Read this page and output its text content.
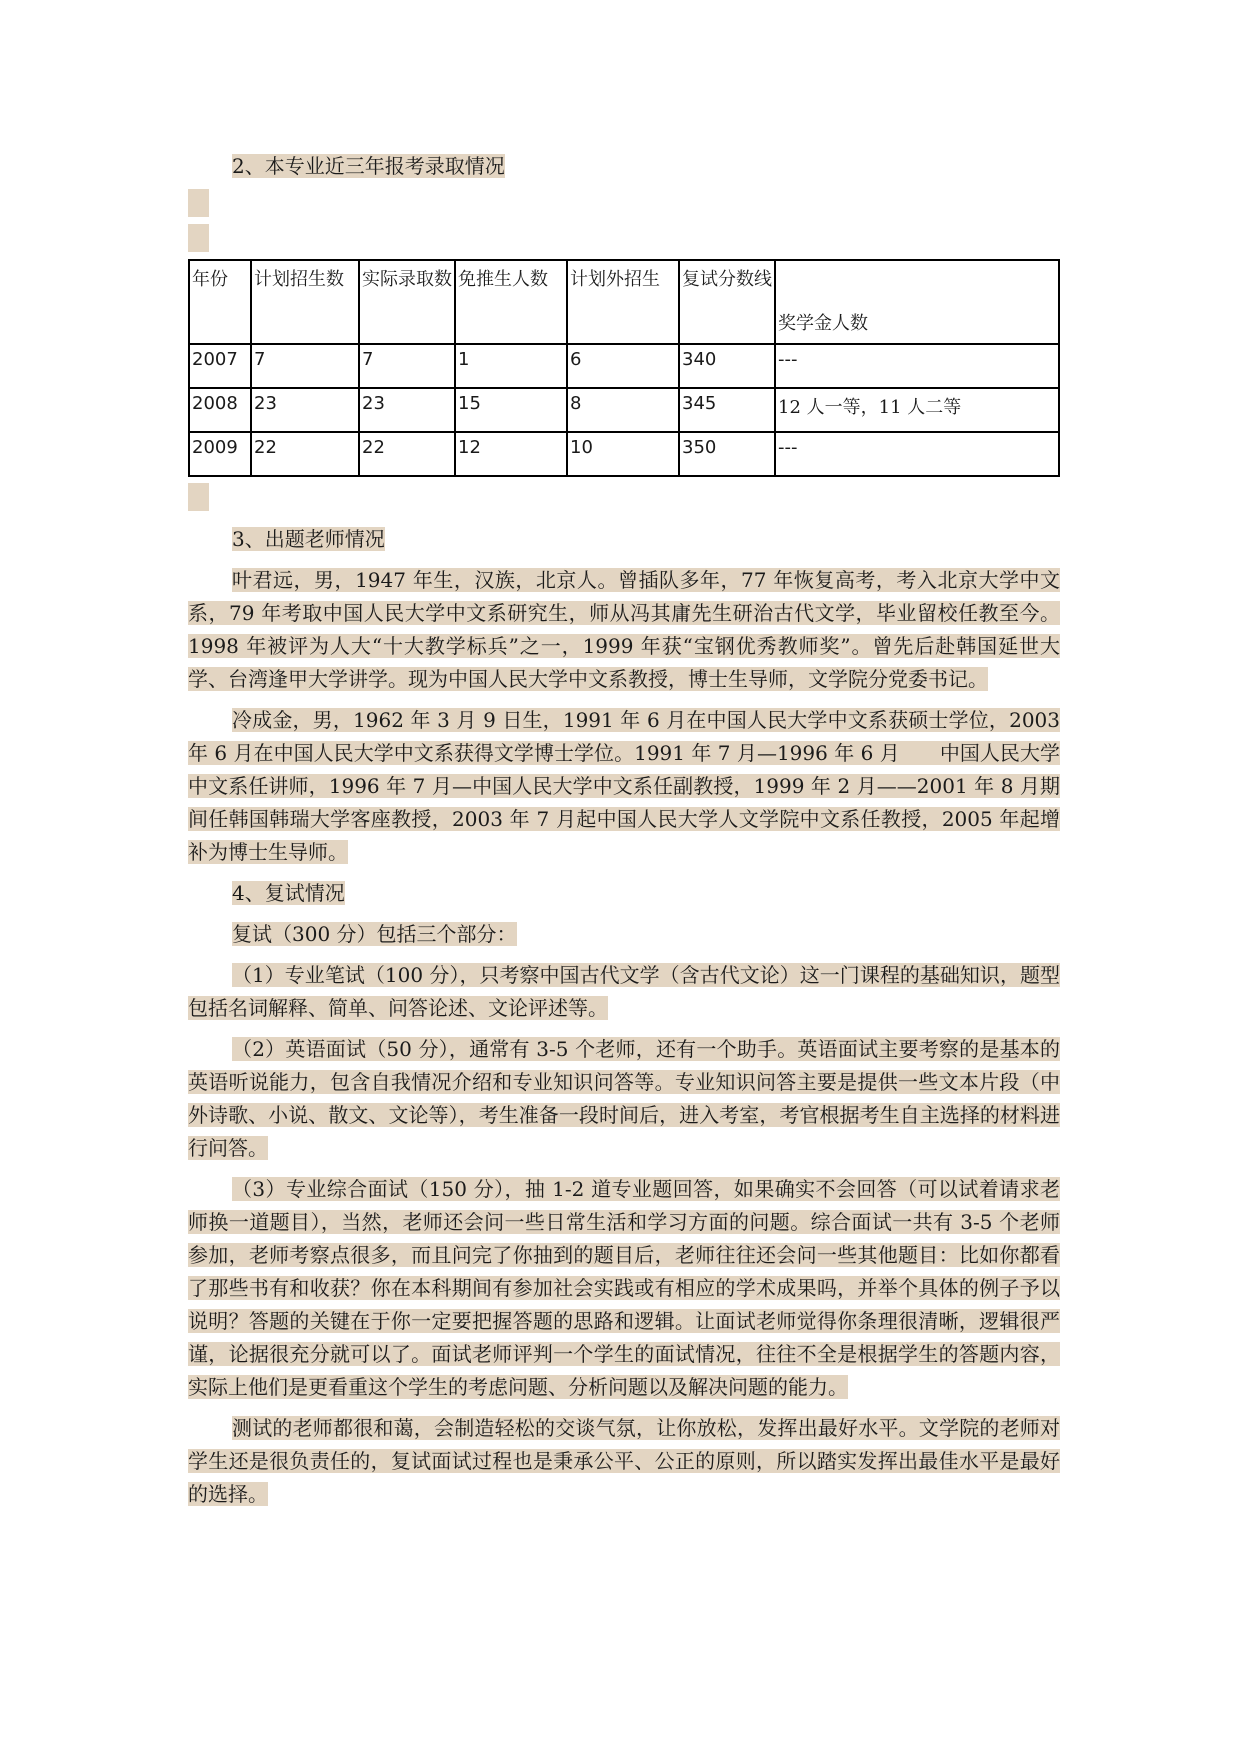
2、本专业近三年报考录取情况

年份	计划招生数	实际录取数	免推生人数	计划外招生	复试分数线	奖学金人数

2007	7	7	1	6	340	---
2008	23	23	15	8	345	12 人一等，11 人二等
2009	22	22	12	10	350	---

3、出题老师情况

叶君远，男，1947 年生，汉族，北京人。曾插队多年，77 年恢复高考，考入北京大学中文系，79 年考取中国人民大学中文系研究生，师从冯其庸先生研治古代文学，毕业留校任教至今。1998 年被评为人大“十大教学标兵”之一，1999 年获“宝钢优秀教师奖”。曾先后赴韩国延世大学、台湾逢甲大学讲学。现为中国人民大学中文系教授，博士生导师，文学院分党委书记。

冷成金，男，1962 年 3 月 9 日生，1991 年 6 月在中国人民大学中文系获硕士学位，2003 年 6 月在中国人民大学中文系获得文学博士学位。1991 年 7 月—1996 年 6 月　　中国人民大学中文系任讲师，1996 年 7 月—中国人民大学中文系任副教授，1999 年 2 月——2001 年 8 月期间任韩国韩瑞大学客座教授，2003 年 7 月起中国人民大学人文学院中文系任教授，2005 年起增补为博士生导师。

4、复试情况

复试（300 分）包括三个部分：

（1）专业笔试（100 分），只考察中国古代文学（含古代文论）这一门课程的基础知识，题型包括名词解释、简单、问答论述、文论评述等。

（2）英语面试（50 分），通常有 3-5 个老师，还有一个助手。英语面试主要考察的是基本的英语听说能力，包含自我情况介绍和专业知识问答等。专业知识问答主要是提供一些文本片段（中外诗歌、小说、散文、文论等），考生准备一段时间后，进入考室，考官根据考生自主选择的材料进行问答。

（3）专业综合面试（150 分），抽 1-2 道专业题回答，如果确实不会回答（可以试着请求老师换一道题目），当然，老师还会问一些日常生活和学习方面的问题。综合面试一共有 3-5 个老师参加，老师考察点很多，而且问完了你抽到的题目后，老师往往还会问一些其他题目：比如你都看了那些书有和收获？你在本科期间有参加社会实践或有相应的学术成果吗，并举个具体的例子予以说明？答题的关键在于你一定要把握答题的思路和逻辑。让面试老师觉得你条理很清晰，逻辑很严谨，论据很充分就可以了。面试老师评判一个学生的面试情况，往往不全是根据学生的答题内容，实际上他们是更看重这个学生的考虑问题、分析问题以及解决问题的能力。

测试的老师都很和蔼，会制造轻松的交谈气氛，让你放松，发挥出最好水平。文学院的老师对学生还是很负责任的，复试面试过程也是秉承公平、公正的原则，所以踏实发挥出最佳水平是最好的选择。
